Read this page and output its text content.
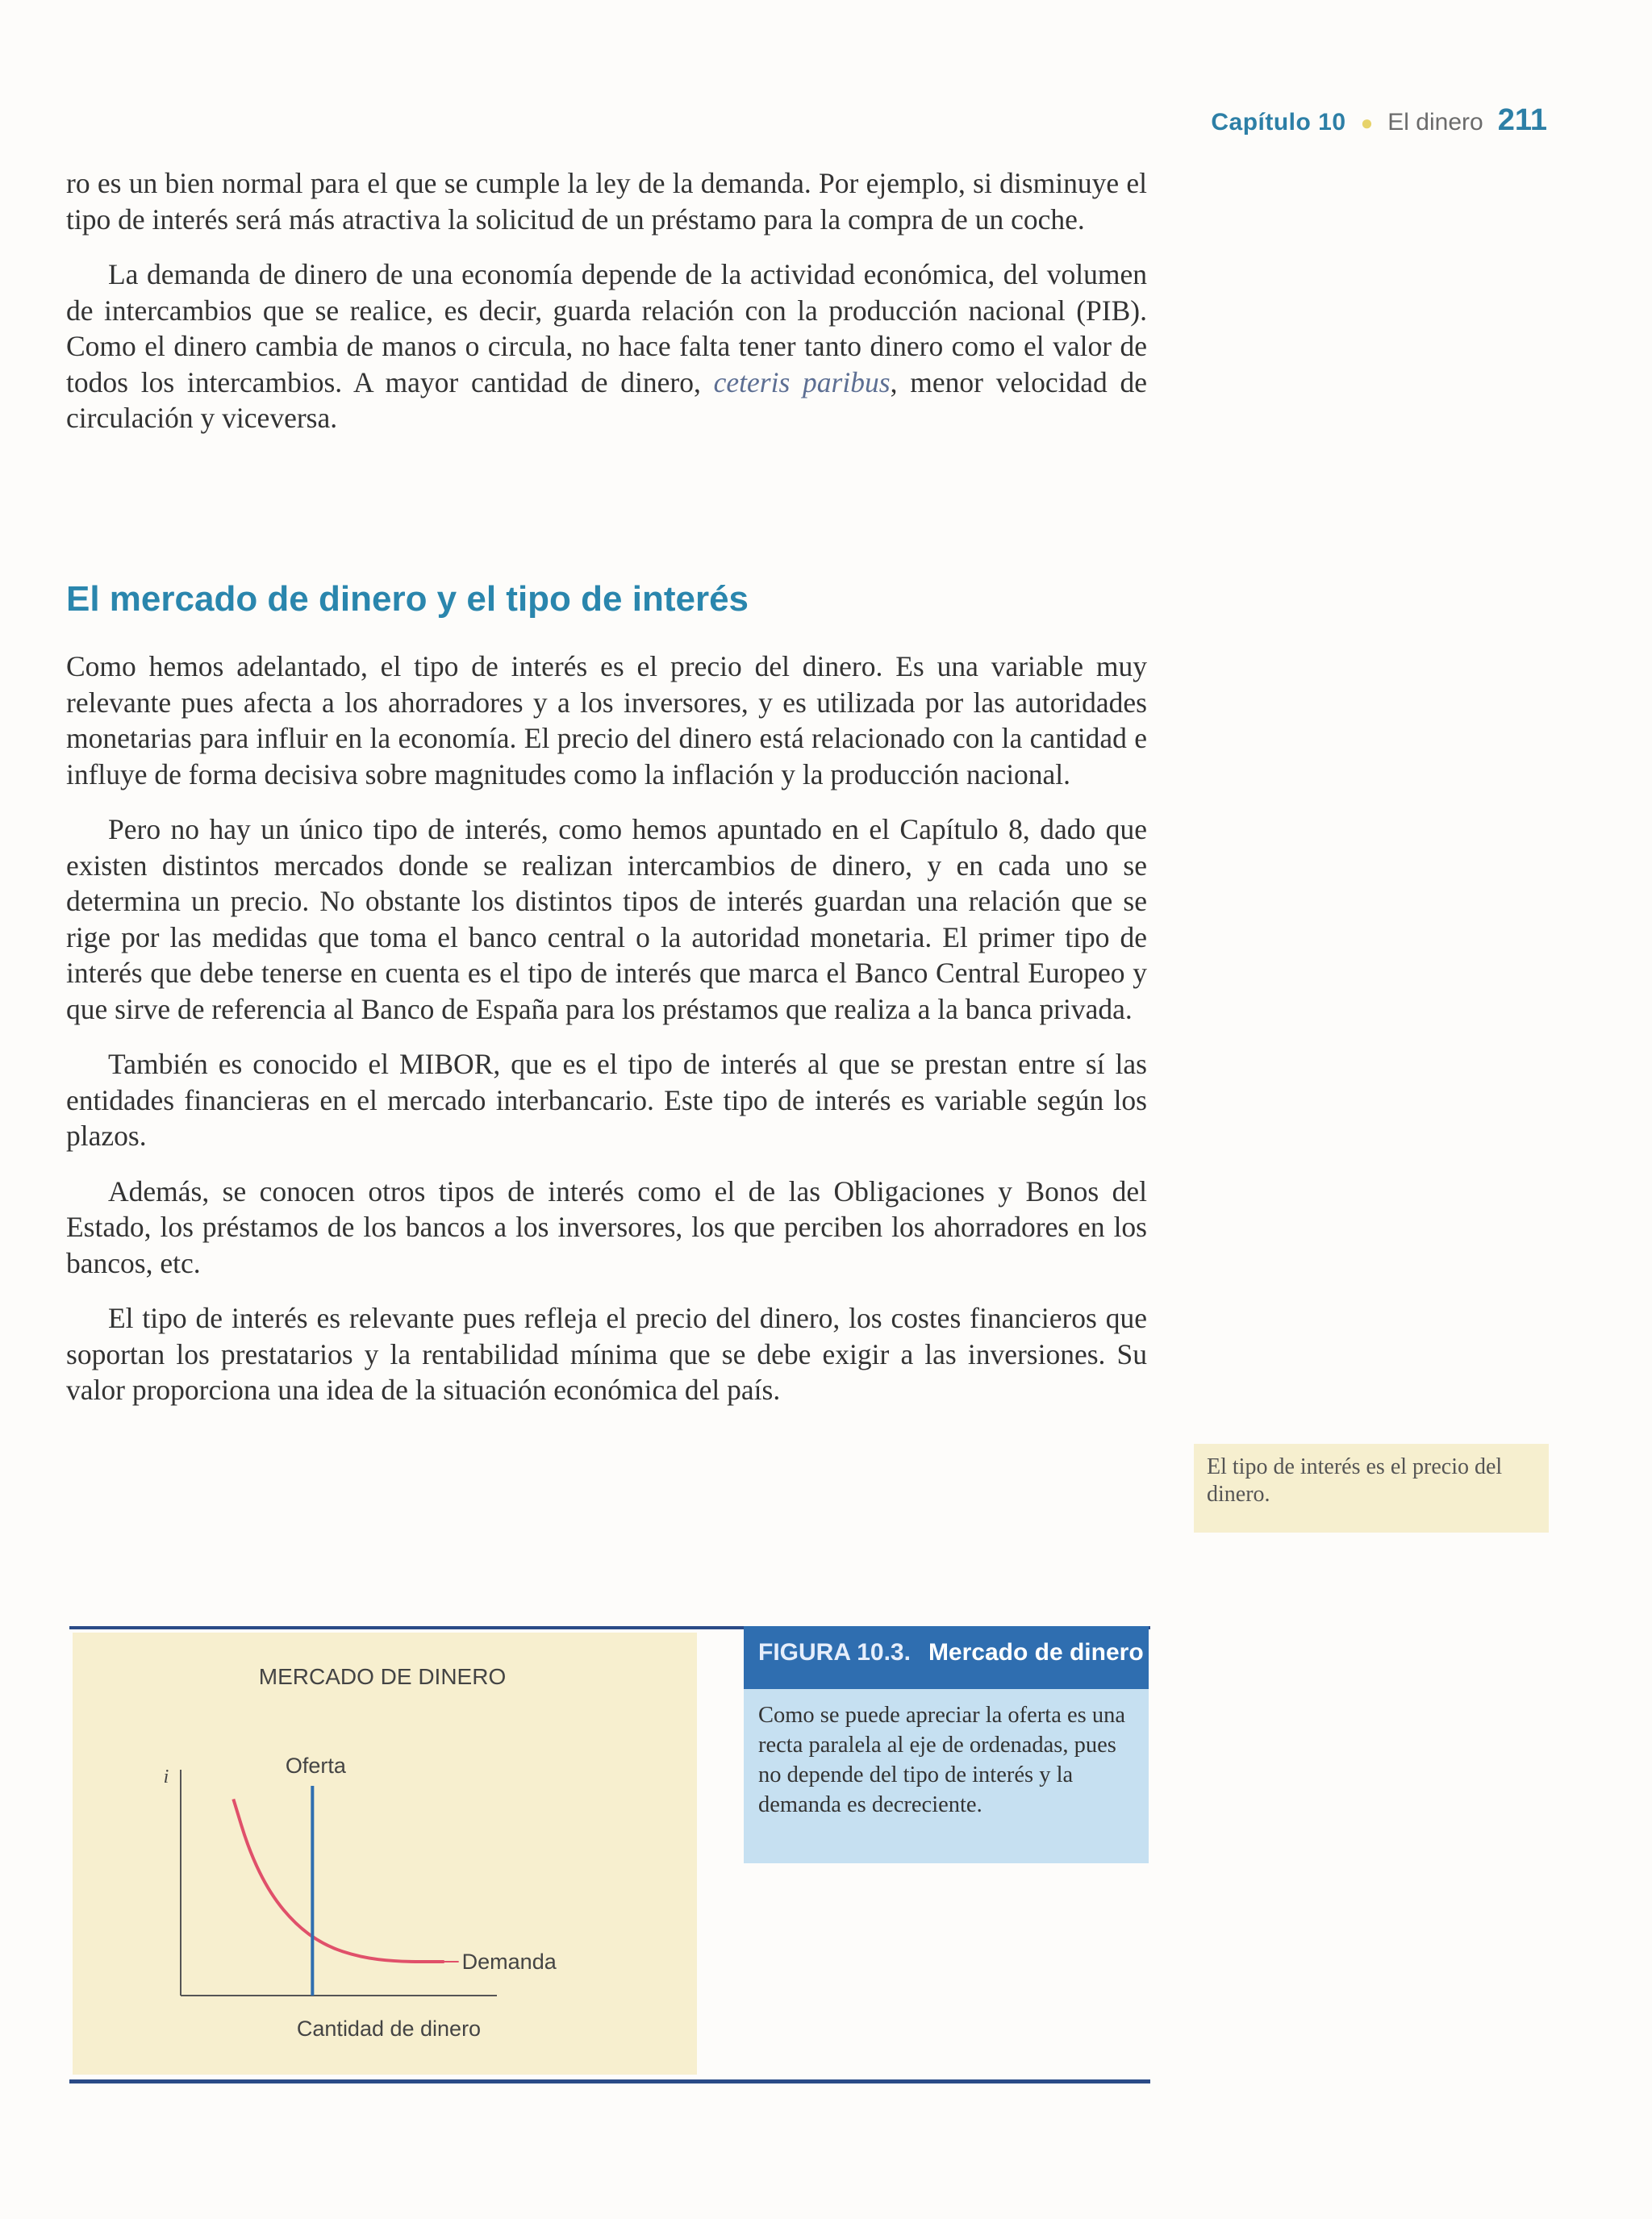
Capítulo 10 ● El dinero 211

ro es un bien normal para el que se cumple la ley de la demanda. Por ejemplo, si disminuye el tipo de interés será más atractiva la solicitud de un préstamo para la compra de un coche.

La demanda de dinero de una economía depende de la actividad económica, del volumen de intercambios que se realice, es decir, guarda relación con la producción nacional (PIB). Como el dinero cambia de manos o circula, no hace falta tener tanto dinero como el valor de todos los intercambios. A mayor cantidad de dinero, ceteris paribus, menor velocidad de circulación y viceversa.

El mercado de dinero y el tipo de interés

Como hemos adelantado, el tipo de interés es el precio del dinero. Es una variable muy relevante pues afecta a los ahorradores y a los inversores, y es utilizada por las autoridades monetarias para influir en la economía. El precio del dinero está relacionado con la cantidad e influye de forma decisiva sobre magnitudes como la inflación y la producción nacional.

Pero no hay un único tipo de interés, como hemos apuntado en el Capítulo 8, dado que existen distintos mercados donde se realizan intercambios de dinero, y en cada uno se determina un precio. No obstante los distintos tipos de interés guardan una relación que se rige por las medidas que toma el banco central o la autoridad monetaria. El primer tipo de interés que debe tenerse en cuenta es el tipo de interés que marca el Banco Central Europeo y que sirve de referencia al Banco de España para los préstamos que realiza a la banca privada.

También es conocido el MIBOR, que es el tipo de interés al que se prestan entre sí las entidades financieras en el mercado interbancario. Este tipo de interés es variable según los plazos.

Además, se conocen otros tipos de interés como el de las Obligaciones y Bonos del Estado, los préstamos de los bancos a los inversores, los que perciben los ahorradores en los bancos, etc.

El tipo de interés es relevante pues refleja el precio del dinero, los costes financieros que soportan los prestatarios y la rentabilidad mínima que se debe exigir a las inversiones. Su valor proporciona una idea de la situación económica del país.

El tipo de interés es el precio del dinero.
MERCADO DE DINERO
i
Cantidad de dinero
Oferta
Demanda
FIGURA 10.3. Mercado de dinero
Como se puede apreciar la oferta es una recta paralela al eje de ordenadas, pues no depende del tipo de interés y la demanda es decreciente.
